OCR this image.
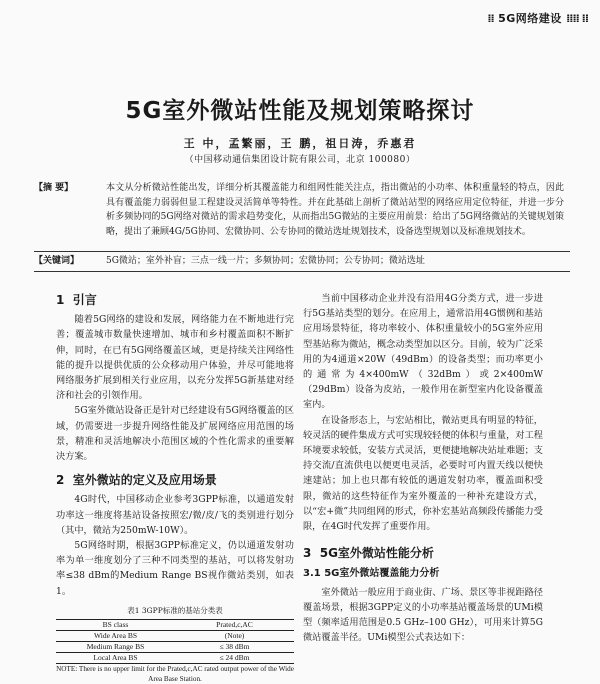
⁞⁞ 5G网络建设 ⁞⁞⁞⁞ ⁞⁞
5G室外微站性能及规划策略探讨
王 中，孟繁丽，王 鹏，祖日涛，乔惠君
（中国移动通信集团设计院有限公司，北京 100080）
【摘 要】	本文从分析微站性能出发，详细分析其覆盖能力和组网性能关注点，指出微站的小功率、体积重量轻的特点，因此具有覆盖能力弱弱但显工程建设灵活简单等特性。并在此基础上剖析了微站站型的网络应用定位特征，并进一步分析多频协同的5G网络对微站的需求趋势变化，从而指出5G微站的主要应用前景：给出了5G网络微站的关键规划策略，提出了兼顾4G/5G协同、宏微协同、公专协同的微站选址规划技术，设备选型规划以及标准规划技术。
【关键词】	5G微站；室外补盲；三点一线一片；多频协同；宏微协同；公专协同；微站选址
1 引言

随着5G网络的建设和发展，网络能力在不断地进行完善；覆盖城市数量快速增加、城市和乡村覆盖面积不断扩伸，同时，在已有5G网络覆盖区域，更是持续关注网络性能的提升以提供优质的公众移动用户体验，并尽可能地将网络服务扩展到相关行业应用，以充分发挥5G新基建对经济和社会的引领作用。

5G室外微站设备正是针对已经建设有5G网络覆盖的区域，仍需要进一步提升网络性能及扩展网络应用范围的场景，精准和灵活地解决小范围区域的个性化需求的重要解决方案。

2 室外微站的定义及应用场景

4G时代，中国移动企业参考3GPP标准，以通道发射功率这一维度将基站设备按照宏/微/皮/飞的类别进行划分（其中，微站为250mW-10W）。

5G网络时期，根据3GPP标准定义，仍以通道发射功率为单一维度划分了三种不同类型的基站，可以将发射功率≤38 dBm的Medium Range BS视作微站类别，如表1。

表1 3GPP标准的基站分类表
BS class	Prated,c,AC
Wide Area BS	(Note)
Medium Range BS	≤ 38 dBm
Local Area BS	≤ 24 dBm
NOTE: There is no upper limit for the Prated,c,AC rated output power of the Wide Area Base Station.

当前中国移动企业并没有沿用4G分类方式，进一步进行5G基站类型的划分。在应用上，通常沿用4G惯例和基站应用场景特征，将功率较小、体积重量较小的5G室外应用型基站称为微站，概念动类型加以区分。目前，较为广泛采用的为4通道×20W（49dBm）的设备类型；而功率更小的通常为4×400mW（32dBm）或2×400mW（29dBm）设备为皮站，一般作用在新型室内化设备覆盖室内。

在设备形态上，与宏站相比，微站更具有明显的特征，较灵活的硬件集成方式可实现较轻便的体积与重量，对工程环境要求较低，安装方式灵活，更便捷地解决站址难题；支持交流/直流供电以便更电灵活，必要时可内置天线以便快速建站；加上也只都有较低的遇道发射功率，覆盖面积受限，微站的这些特征作为室外覆盖的一种补充建设方式，以“宏+微”共同组网的形式，你补宏基站高频段传播能力受限，在4G时代发挥了重要作用。

3 5G室外微站性能分析
3.1 5G室外微站覆盖能力分析

室外微站一般应用于商业街、广场、景区等非视距路径覆盖场景，根据3GPP定义的小功率基站覆盖场景的UMi模型（频率适用范围是0.5 GHz–100 GHz），可用来计算5G微站覆盖半径。UMi模型公式表达如下：
